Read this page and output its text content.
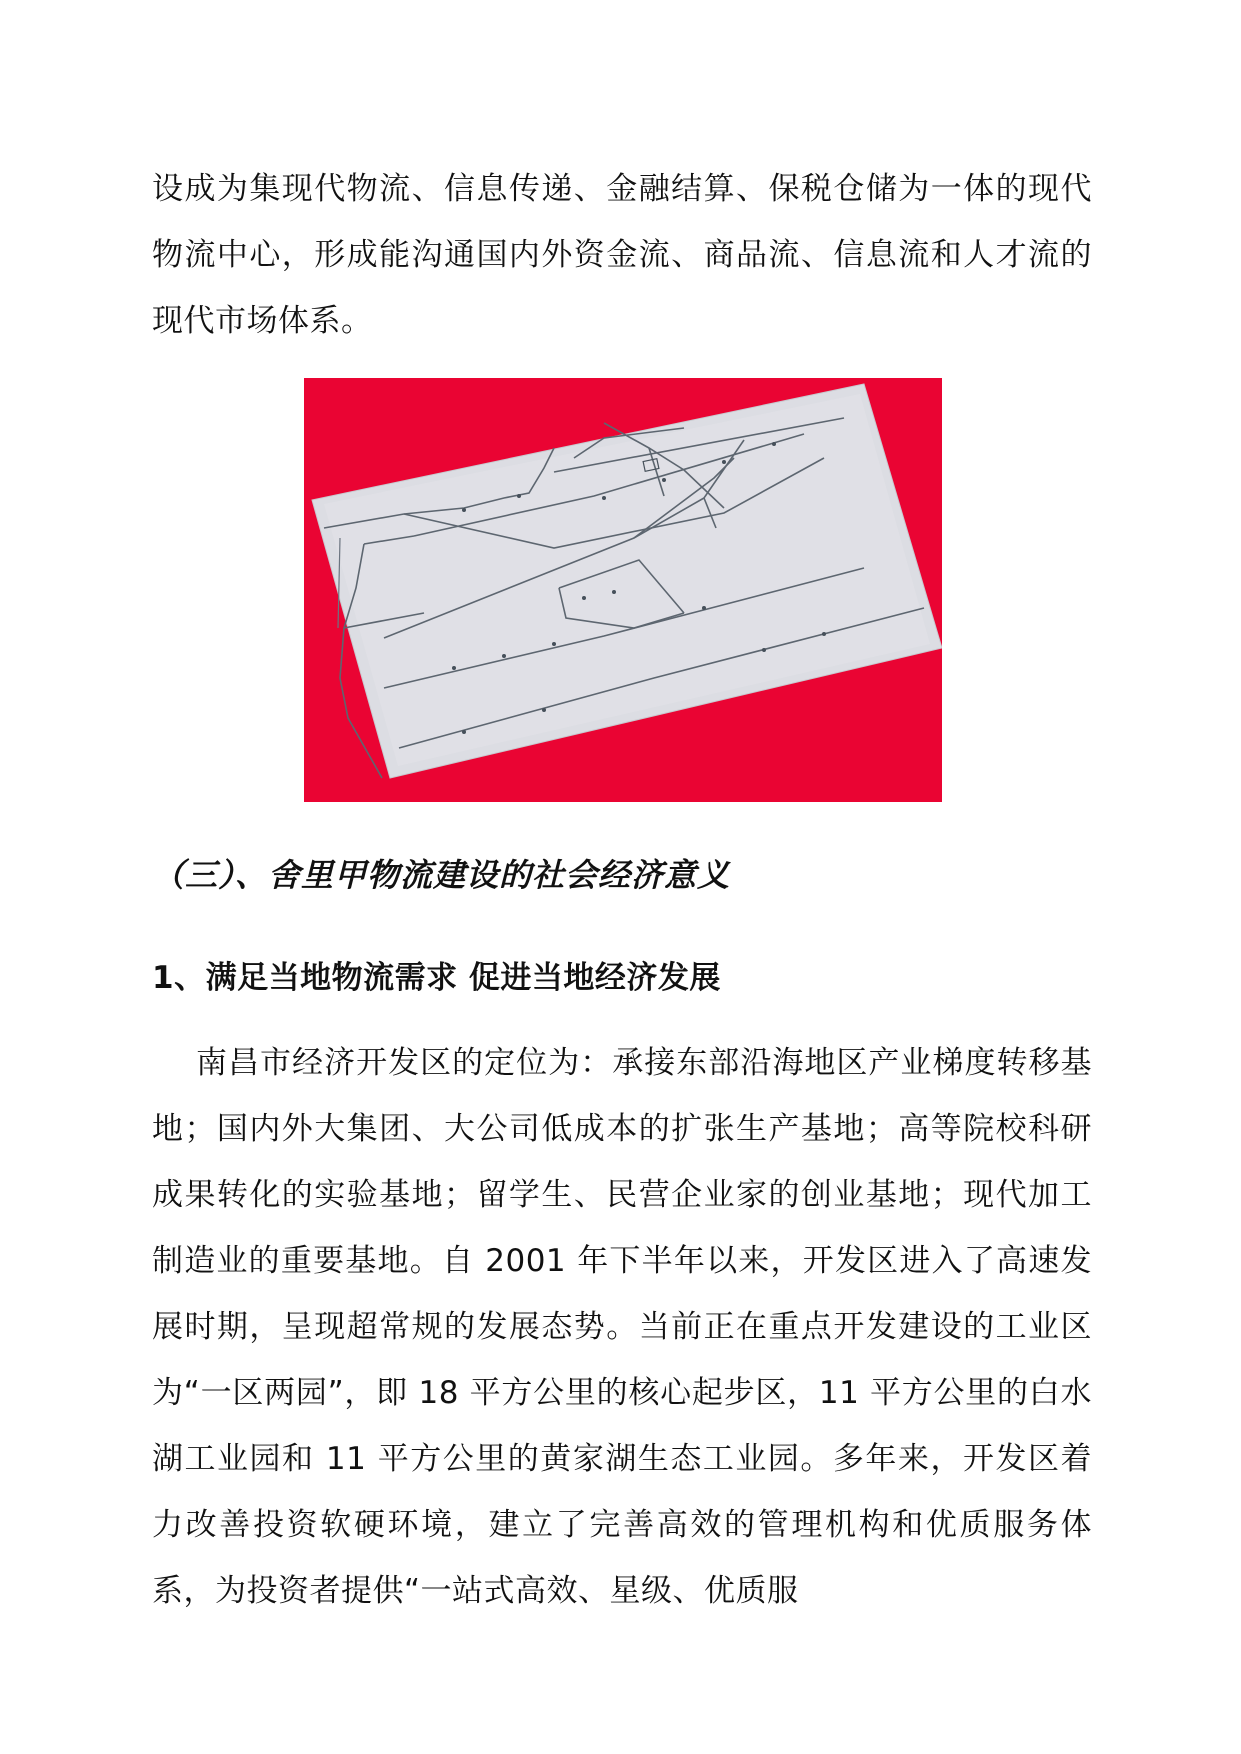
设成为集现代物流、信息传递、金融结算、保税仓储为一体的现代物流中心，形成能沟通国内外资金流、商品流、信息流和人才流的现代市场体系。

（三）、舍里甲物流建设的社会经济意义
1、满足当地物流需求 促进当地经济发展

南昌市经济开发区的定位为：承接东部沿海地区产业梯度转移基地；国内外大集团、大公司低成本的扩张生产基地；高等院校科研成果转化的实验基地；留学生、民营企业家的创业基地；现代加工制造业的重要基地。自 2001 年下半年以来，开发区进入了高速发展时期，呈现超常规的发展态势。当前正在重点开发建设的工业区为“一区两园”，即 18 平方公里的核心起步区，11 平方公里的白水湖工业园和 11 平方公里的黄家湖生态工业园。多年来，开发区着力改善投资软硬环境，建立了完善高效的管理机构和优质服务体系，为投资者提供“一站式高效、星级、优质服
